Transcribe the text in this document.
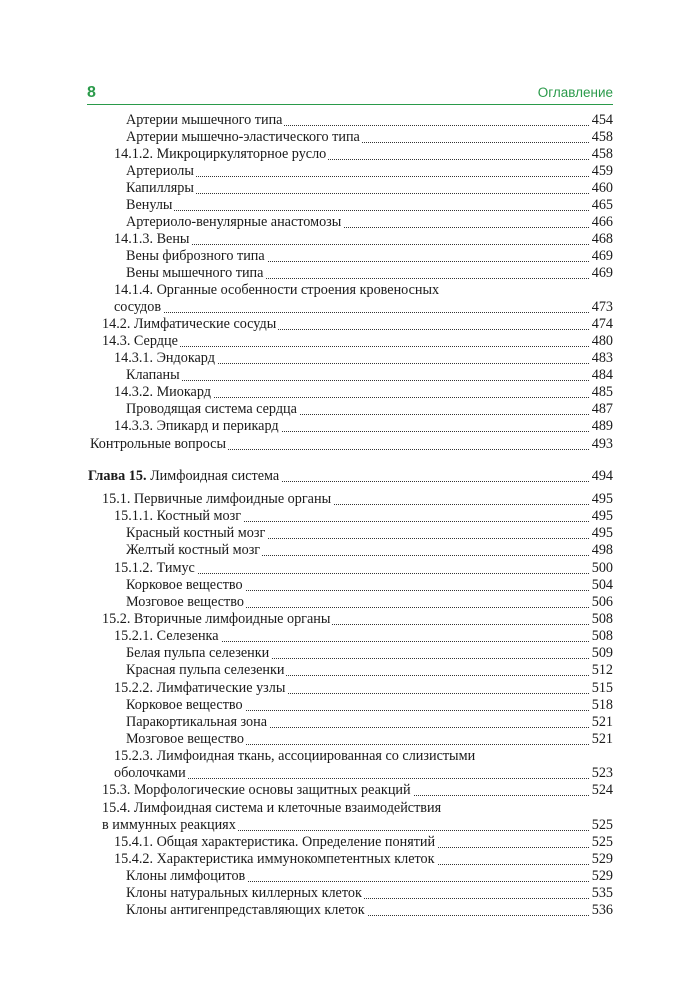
8	Оглавление
Артерии мышечного типа	454
Артерии мышечно-эластического типа	458
14.1.2. Микроциркуляторное русло	458
Артериолы	459
Капилляры	460
Венулы	465
Артериоло-венулярные анастомозы	466
14.1.3. Вены	468
Вены фиброзного типа	469
Вены мышечного типа	469
14.1.4. Органные особенности строения кровеносных
сосудов	473
14.2. Лимфатические сосуды	474
14.3. Сердце	480
14.3.1. Эндокард	483
Клапаны	484
14.3.2. Миокард	485
Проводящая система сердца	487
14.3.3. Эпикард и перикард	489
Контрольные вопросы	493
Глава 15. Лимфоидная система	494
15.1. Первичные лимфоидные органы	495
15.1.1. Костный мозг	495
Красный костный мозг	495
Желтый костный мозг	498
15.1.2. Тимус	500
Корковое вещество	504
Мозговое вещество	506
15.2. Вторичные лимфоидные органы	508
15.2.1. Селезенка	508
Белая пульпа селезенки	509
Красная пульпа селезенки	512
15.2.2. Лимфатические узлы	515
Корковое вещество	518
Паракортикальная зона	521
Мозговое вещество	521
15.2.3. Лимфоидная ткань, ассоциированная со слизистыми
оболочками	523
15.3. Морфологические основы защитных реакций	524
15.4. Лимфоидная система и клеточные взаимодействия
в иммунных реакциях	525
15.4.1. Общая характеристика. Определение понятий	525
15.4.2. Характеристика иммунокомпетентных клеток	529
Клоны лимфоцитов	529
Клоны натуральных киллерных клеток	535
Клоны антигенпредставляющих клеток	536
